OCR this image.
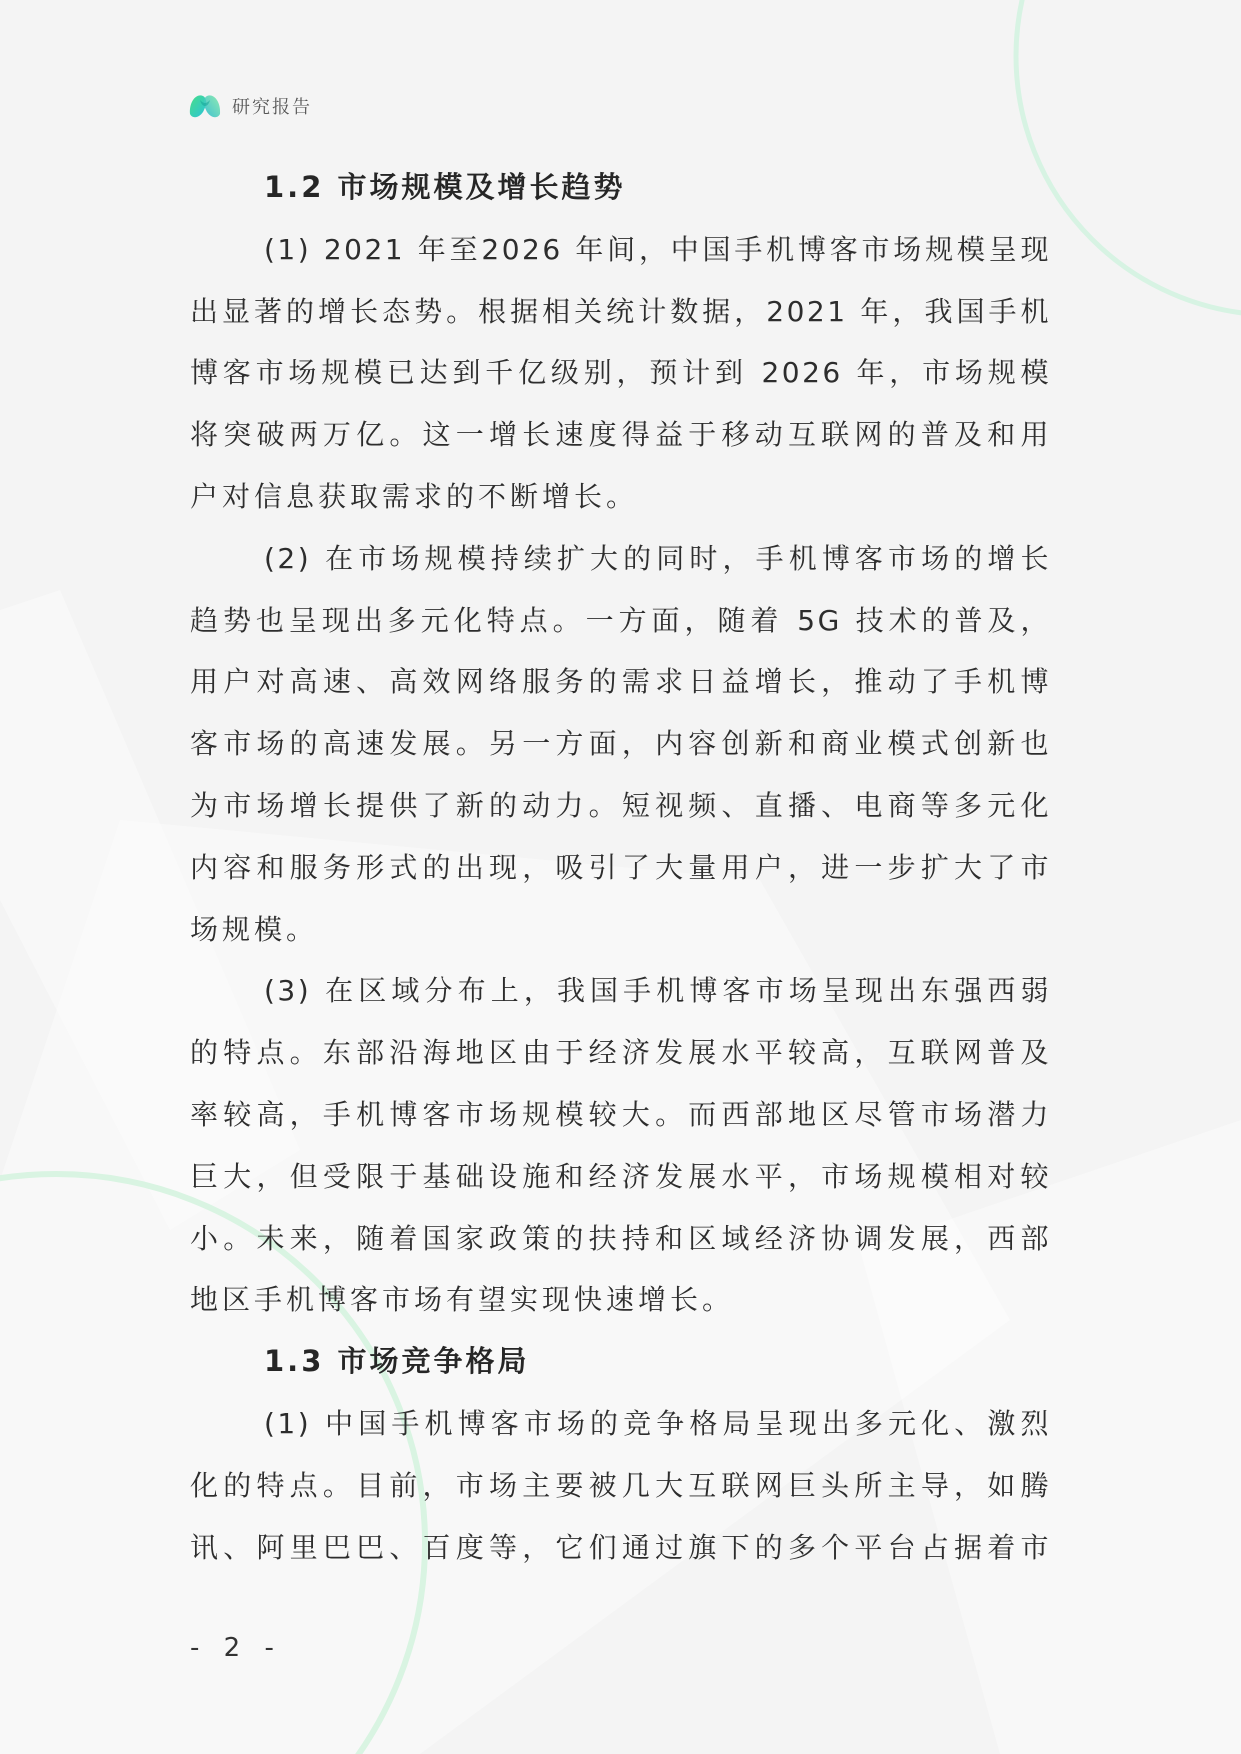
研究报告
1.2 市场规模及增长趋势
(1) 2021 年至2026 年间，中国手机博客市场规模呈现
出显著的增长态势。根据相关统计数据，2021 年，我国手机
博客市场规模已达到千亿级别，预计到 2026 年，市场规模
将突破两万亿。这一增长速度得益于移动互联网的普及和用
户对信息获取需求的不断增长。
(2) 在市场规模持续扩大的同时，手机博客市场的增长
趋势也呈现出多元化特点。一方面，随着 5G 技术的普及，
用户对高速、高效网络服务的需求日益增长，推动了手机博
客市场的高速发展。另一方面，内容创新和商业模式创新也
为市场增长提供了新的动力。短视频、直播、电商等多元化
内容和服务形式的出现，吸引了大量用户，进一步扩大了市
场规模。
(3) 在区域分布上，我国手机博客市场呈现出东强西弱
的特点。东部沿海地区由于经济发展水平较高，互联网普及
率较高，手机博客市场规模较大。而西部地区尽管市场潜力
巨大，但受限于基础设施和经济发展水平，市场规模相对较
小。未来，随着国家政策的扶持和区域经济协调发展，西部
地区手机博客市场有望实现快速增长。
1.3 市场竞争格局
(1) 中国手机博客市场的竞争格局呈现出多元化、激烈
化的特点。目前，市场主要被几大互联网巨头所主导，如腾
讯、阿里巴巴、百度等，它们通过旗下的多个平台占据着市
- 2 -
